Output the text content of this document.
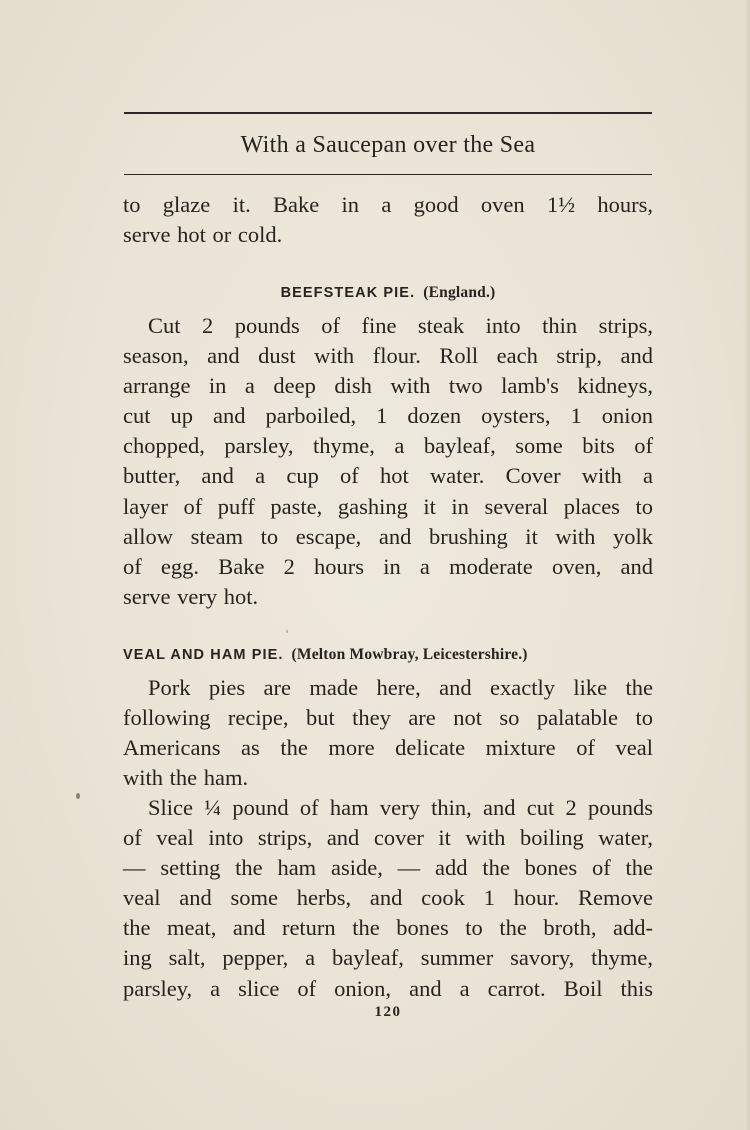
With a Saucepan over the Sea
to glaze it. Bake in a good oven 1½ hours,
serve hot or cold.
BEEFSTEAK PIE. (England.)
Cut 2 pounds of fine steak into thin strips,
season, and dust with flour. Roll each strip, and
arrange in a deep dish with two lamb's kidneys,
cut up and parboiled, 1 dozen oysters, 1 onion
chopped, parsley, thyme, a bayleaf, some bits of
butter, and a cup of hot water. Cover with a
layer of puff paste, gashing it in several places to
allow steam to escape, and brushing it with yolk
of egg. Bake 2 hours in a moderate oven, and
serve very hot.
VEAL AND HAM PIE. (Melton Mowbray, Leicestershire.)
Pork pies are made here, and exactly like the
following recipe, but they are not so palatable to
Americans as the more delicate mixture of veal
with the ham.
Slice ¼ pound of ham very thin, and cut 2 pounds
of veal into strips, and cover it with boiling water,
— setting the ham aside, — add the bones of the
veal and some herbs, and cook 1 hour. Remove
the meat, and return the bones to the broth, add-
ing salt, pepper, a bayleaf, summer savory, thyme,
parsley, a slice of onion, and a carrot. Boil this
120
